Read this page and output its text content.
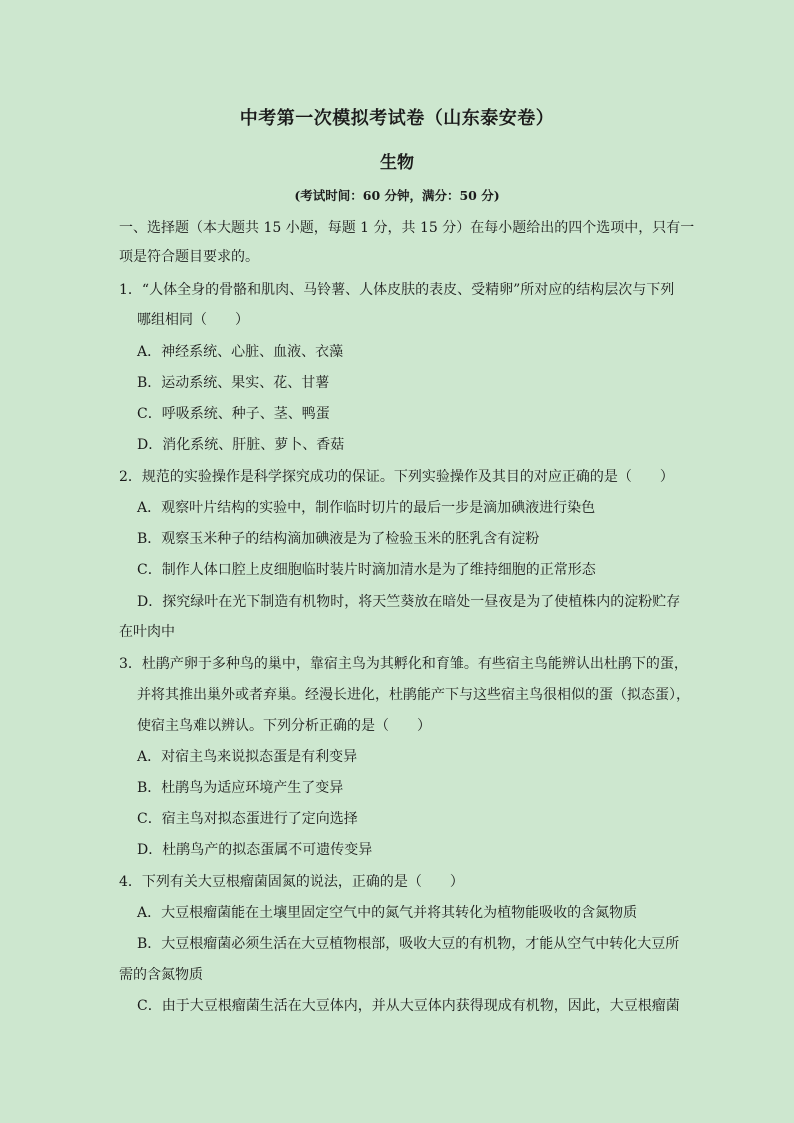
中考第一次模拟考试卷（山东泰安卷）
生物
(考试时间：60 分钟，满分：50 分)
一、选择题（本大题共 15 小题，每题 1 分，共 15 分）在每小题给出的四个选项中，只有一
项是符合题目要求的。
1．“人体全身的骨骼和肌肉、马铃薯、人体皮肤的表皮、受精卵”所对应的结构层次与下列
哪组相同（　　）
A．神经系统、心脏、血液、衣藻
B．运动系统、果实、花、甘薯
C．呼吸系统、种子、茎、鸭蛋
D．消化系统、肝脏、萝卜、香菇
2．规范的实验操作是科学探究成功的保证。下列实验操作及其目的对应正确的是（　　）
A．观察叶片结构的实验中，制作临时切片的最后一步是滴加碘液进行染色
B．观察玉米种子的结构滴加碘液是为了检验玉米的胚乳含有淀粉
C．制作人体口腔上皮细胞临时装片时滴加清水是为了维持细胞的正常形态
D．探究绿叶在光下制造有机物时，将天竺葵放在暗处一昼夜是为了使植株内的淀粉贮存
在叶肉中
3．杜鹃产卵于多种鸟的巢中，靠宿主鸟为其孵化和育雏。有些宿主鸟能辨认出杜鹃下的蛋，
并将其推出巢外或者弃巢。经漫长进化，杜鹃能产下与这些宿主鸟很相似的蛋（拟态蛋），
使宿主鸟难以辨认。下列分析正确的是（　　）
A．对宿主鸟来说拟态蛋是有利变异
B．杜鹃鸟为适应环境产生了变异
C．宿主鸟对拟态蛋进行了定向选择
D．杜鹃鸟产的拟态蛋属不可遗传变异
4．下列有关大豆根瘤菌固氮的说法，正确的是（　　）
A．大豆根瘤菌能在土壤里固定空气中的氮气并将其转化为植物能吸收的含氮物质
B．大豆根瘤菌必须生活在大豆植物根部，吸收大豆的有机物，才能从空气中转化大豆所
需的含氮物质
C．由于大豆根瘤菌生活在大豆体内，并从大豆体内获得现成有机物，因此，大豆根瘤菌
